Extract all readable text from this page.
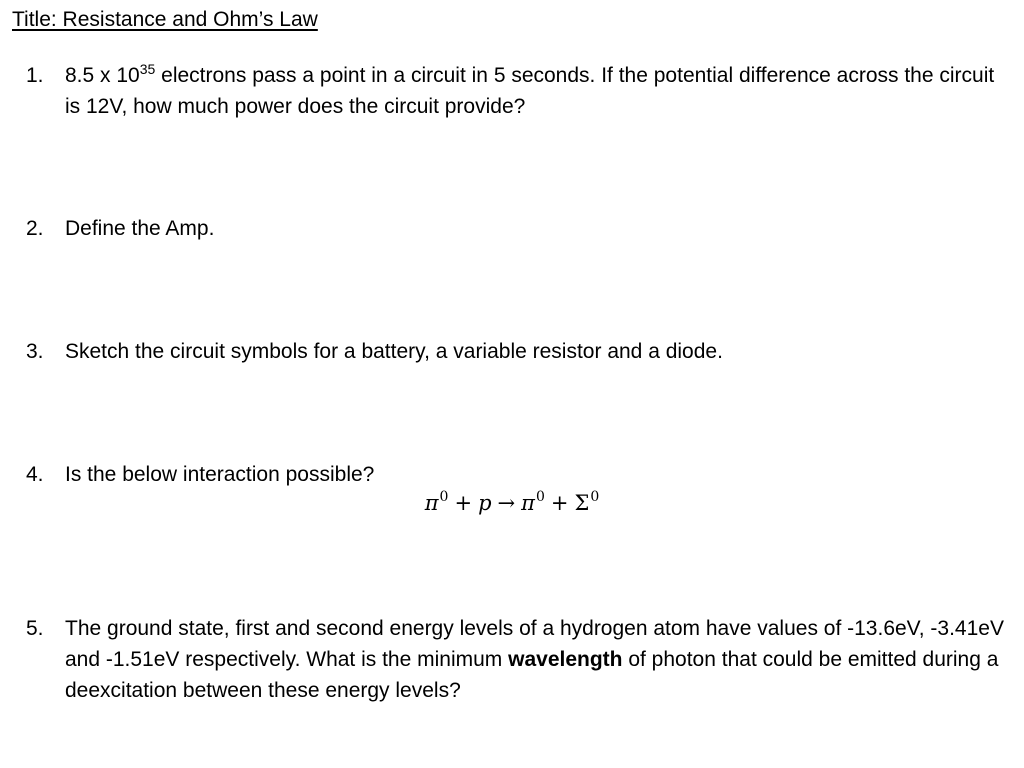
Title: Resistance and Ohm’s Law
1. 8.5 x $10^{35}$ electrons pass a point in a circuit in 5 seconds. If the potential difference across the circuit is 12V, how much power does the circuit provide?
2. Define the Amp.
3. Sketch the circuit symbols for a battery, a variable resistor and a diode.
4. Is the below interaction possible?
$\pi^0 + p \to \pi^0 + \Sigma^0$
5. The ground state, first and second energy levels of a hydrogen atom have values of -13.6eV, -3.41eV and -1.51eV respectively. What is the minimum wavelength of photon that could be emitted during a deexcitation between these energy levels?
